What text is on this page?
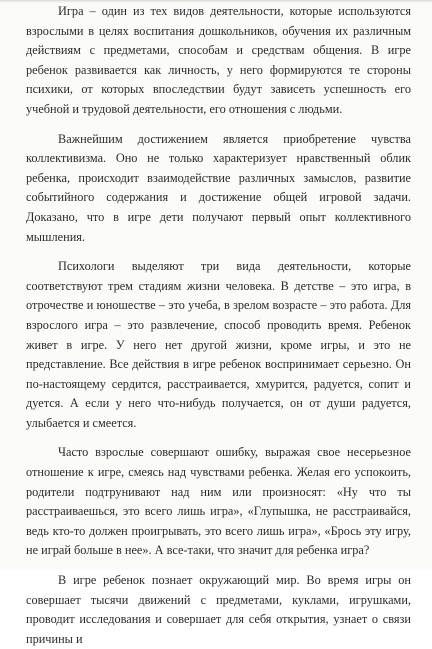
Игра – один из тех видов деятельности, которые используются взрослыми в целях воспитания дошкольников, обучения их различным действиям с предметами, способам и средствам общения. В игре ребенок развивается как личность, у него формируются те стороны психики, от которых впоследствии будут зависеть успешность его учебной и трудовой деятельности, его отношения с людьми.

Важнейшим достижением является приобретение чувства коллективизма. Оно не только характеризует нравственный облик ребенка, происходит взаимодействие различных замыслов, развитие событийного содержания и достижение общей игровой задачи. Доказано, что в игре дети получают первый опыт коллективного мышления.

Психологи выделяют три вида деятельности, которые соответствуют трем стадиям жизни человека. В детстве – это игра, в отрочестве и юношестве – это учеба, в зрелом возрасте – это работа. Для взрослого игра – это развлечение, способ проводить время. Ребенок живет в игре. У него нет другой жизни, кроме игры, и это не представление. Все действия в игре ребенок воспринимает серьезно. Он по-настоящему сердится, расстраивается, хмурится, радуется, сопит и дуется. А если у него что-нибудь получается, он от души радуется, улыбается и смеется.

Часто взрослые совершают ошибку, выражая свое несерьезное отношение к игре, смеясь над чувствами ребенка. Желая его успокоить, родители подтрунивают над ним или произносят: «Ну что ты расстраиваешься, это всего лишь игра», «Глупышка, не расстраивайся, ведь кто-то должен проигрывать, это всего лишь игра», «Брось эту игру, не играй больше в нее». А все-таки, что значит для ребенка игра?

В игре ребенок познает окружающий мир. Во время игры он совершает тысячи движений с предметами, куклами, игрушками, проводит исследования и совершает для себя открытия, узнает о связи причины и
